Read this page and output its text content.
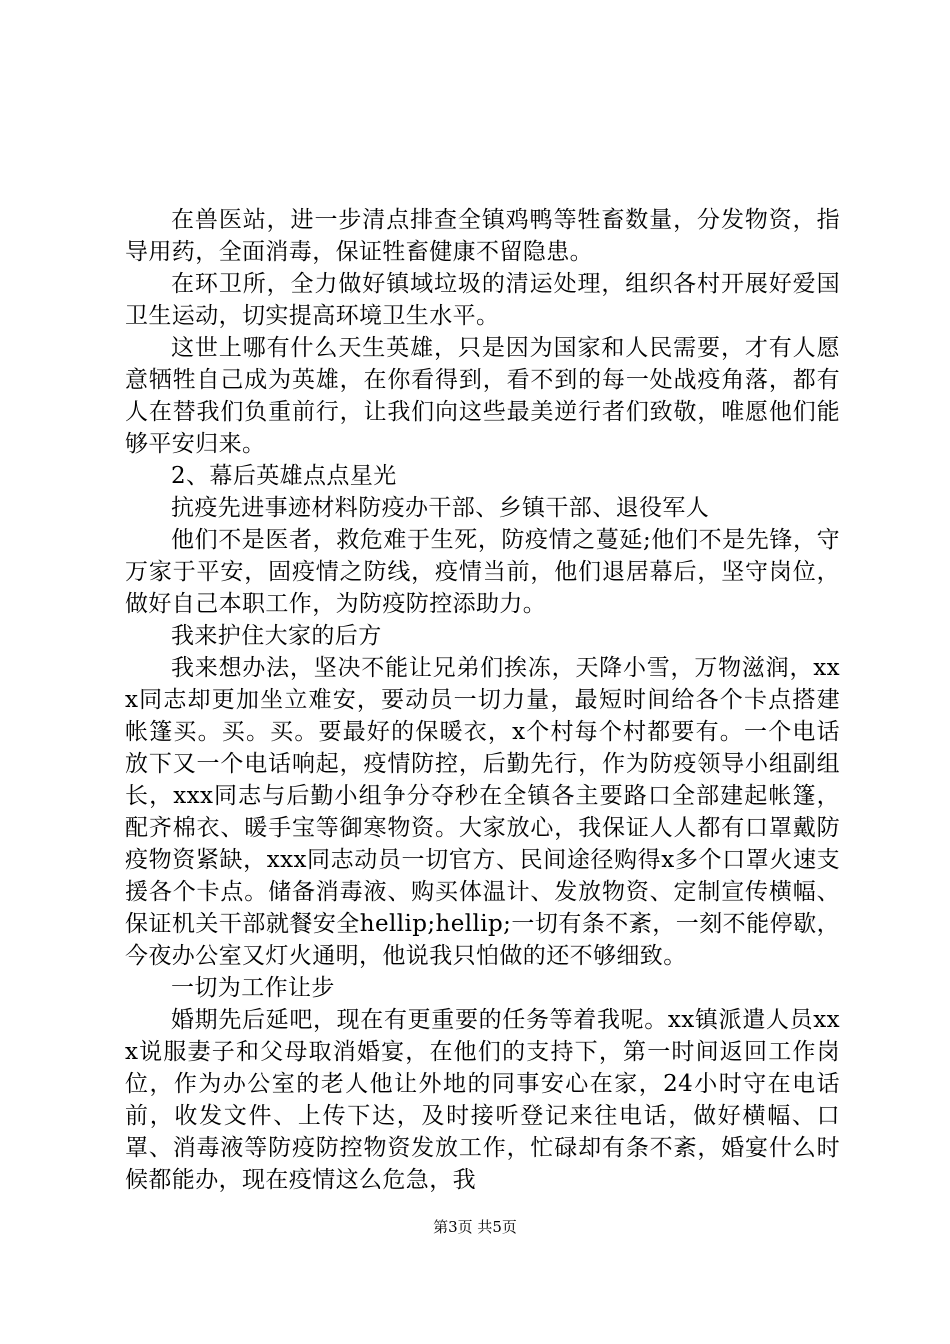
在兽医站，进一步清点排查全镇鸡鸭等牲畜数量，分发物资，指导用药，全面消毒，保证牲畜健康不留隐患。

在环卫所，全力做好镇域垃圾的清运处理，组织各村开展好爱国卫生运动，切实提高环境卫生水平。

这世上哪有什么天生英雄，只是因为国家和人民需要，才有人愿意牺牲自己成为英雄，在你看得到，看不到的每一处战疫角落，都有人在替我们负重前行，让我们向这些最美逆行者们致敬，唯愿他们能够平安归来。

2、幕后英雄点点星光

抗疫先进事迹材料防疫办干部、乡镇干部、退役军人

他们不是医者，救危难于生死，防疫情之蔓延;他们不是先锋，守万家于平安，固疫情之防线，疫情当前，他们退居幕后，坚守岗位，做好自己本职工作，为防疫防控添助力。

我来护住大家的后方

我来想办法，坚决不能让兄弟们挨冻，天降小雪，万物滋润，xxx同志却更加坐立难安，要动员一切力量，最短时间给各个卡点搭建帐篷买。买。买。要最好的保暖衣，x个村每个村都要有。一个电话放下又一个电话响起，疫情防控，后勤先行，作为防疫领导小组副组长，xxx同志与后勤小组争分夺秒在全镇各主要路口全部建起帐篷，配齐棉衣、暖手宝等御寒物资。大家放心，我保证人人都有口罩戴防疫物资紧缺，xxx同志动员一切官方、民间途径购得x多个口罩火速支援各个卡点。储备消毒液、购买体温计、发放物资、定制宣传横幅、保证机关干部就餐安全hellip;hellip;一切有条不紊，一刻不能停歇，今夜办公室又灯火通明，他说我只怕做的还不够细致。

一切为工作让步

婚期先后延吧，现在有更重要的任务等着我呢。xx镇派遣人员xxx说服妻子和父母取消婚宴，在他们的支持下，第一时间返回工作岗位，作为办公室的老人他让外地的同事安心在家，24小时守在电话前，收发文件、上传下达，及时接听登记来往电话，做好横幅、口罩、消毒液等防疫防控物资发放工作，忙碌却有条不紊，婚宴什么时候都能办，现在疫情这么危急，我

第3页 共5页
